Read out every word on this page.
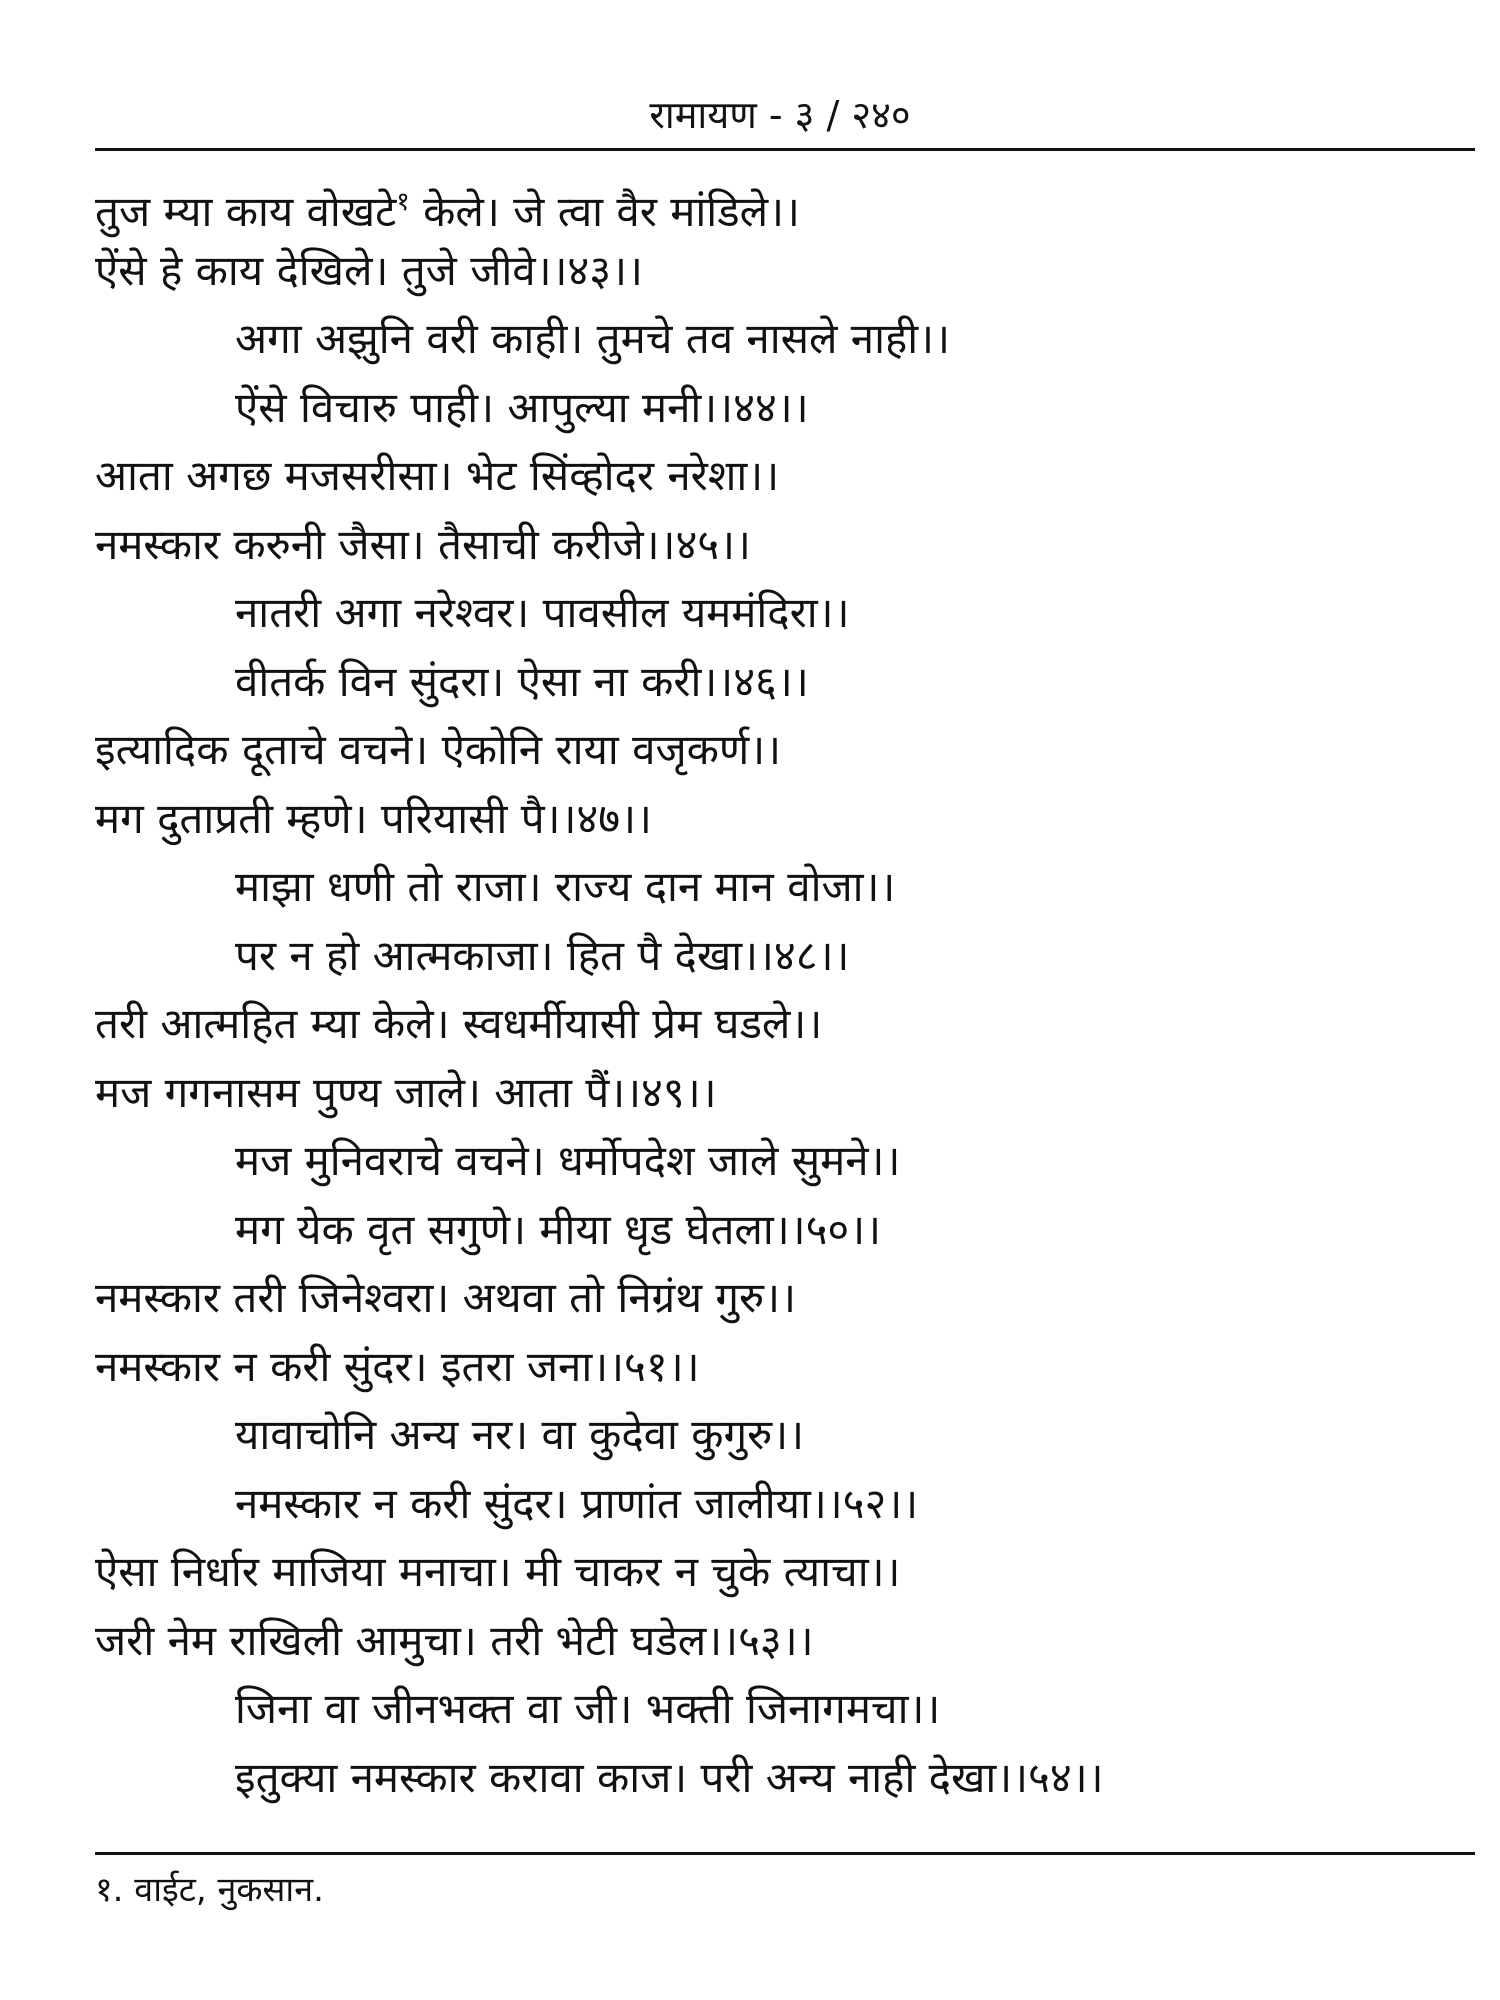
रामायण - ३ / २४०
तुज म्या काय वोखटे$^१$ केले। जे त्वा वैर मांडिले।।
ऐंसे हे काय देखिले। तुजे जीवे।।४३।।
अगा अझुनि वरी काही। तुमचे तव नासले नाही।।
ऐंसे विचारु पाही। आपुल्या मनी।।४४।।
आता अगछ मजसरीसा। भेट सिंव्होदर नरेशा।।
नमस्कार करुनी जैसा। तैसाची करीजे।।४५।।
नातरी अगा नरेश्वर। पावसील यममंदिरा।।
वीतर्क विन सुंदरा। ऐसा ना करी।।४६।।
इत्यादिक दूताचे वचने। ऐकोनि राया वजृकर्ण।।
मग दुताप्रती म्हणे। परियासी पै।।४७।।
माझा धणी तो राजा। राज्य दान मान वोजा।।
पर न हो आत्मकाजा। हित पै देखा।।४८।।
तरी आत्महित म्या केले। स्वधर्मीयासी प्रेम घडले।।
मज गगनासम पुण्य जाले। आता पैं।।४९।।
मज मुनिवराचे वचने। धर्मोपदेश जाले सुमने।।
मग येक वृत सगुणे। मीया धृड घेतला।।५०।।
नमस्कार तरी जिनेश्वरा। अथवा तो निग्रंथ गुरु।।
नमस्कार न करी सुंदर। इतरा जना।।५१।।
यावाचोनि अन्य नर। वा कुदेवा कुगुरु।।
नमस्कार न करी सुंदर। प्राणांत जालीया।।५२।।
ऐसा निर्धार माजिया मनाचा। मी चाकर न चुके त्याचा।।
जरी नेम राखिली आमुचा। तरी भेटी घडेल।।५३।।
जिना वा जीनभक्त वा जी। भक्ती जिनागमचा।।
इतुक्या नमस्कार करावा काज। परी अन्य नाही देखा।।५४।।
१. वाईट, नुकसान.
